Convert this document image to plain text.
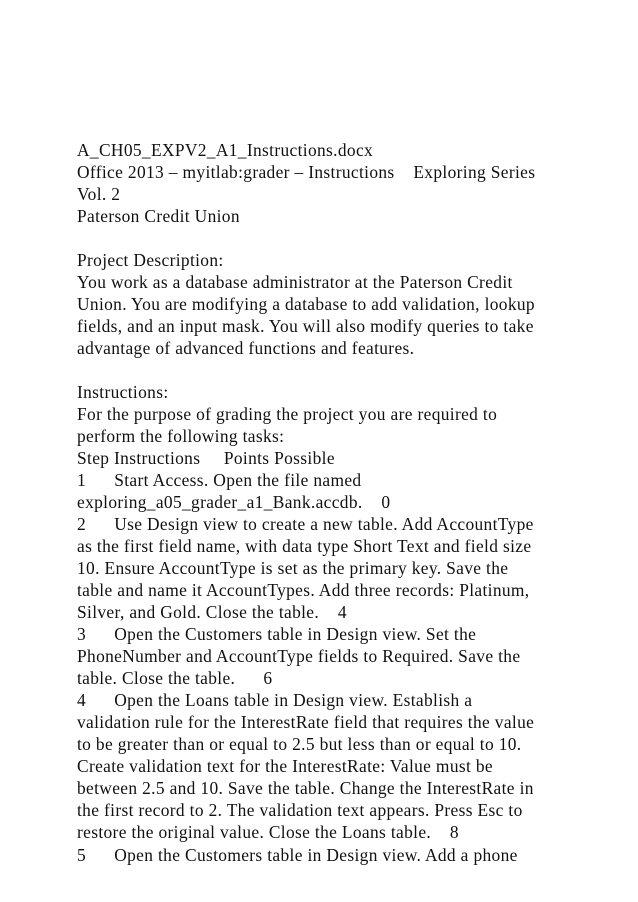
A_CH05_EXPV2_A1_Instructions.docx
Office 2013 – myitlab:grader – Instructions    Exploring Series
Vol. 2
Paterson Credit Union
Project Description:
You work as a database administrator at the Paterson Credit
Union. You are modifying a database to add validation, lookup
fields, and an input mask. You will also modify queries to take
advantage of advanced functions and features.
Instructions:
For the purpose of grading the project you are required to
perform the following tasks:
Step Instructions     Points Possible
1      Start Access. Open the file named
exploring_a05_grader_a1_Bank.accdb.    0
2      Use Design view to create a new table. Add AccountType
as the first field name, with data type Short Text and field size
10. Ensure AccountType is set as the primary key. Save the
table and name it AccountTypes. Add three records: Platinum,
Silver, and Gold. Close the table.    4
3      Open the Customers table in Design view. Set the
PhoneNumber and AccountType fields to Required. Save the
table. Close the table.      6
4      Open the Loans table in Design view. Establish a
validation rule for the InterestRate field that requires the value
to be greater than or equal to 2.5 but less than or equal to 10.
Create validation text for the InterestRate: Value must be
between 2.5 and 10. Save the table. Change the InterestRate in
the first record to 2. The validation text appears. Press Esc to
restore the original value. Close the Loans table.    8
5      Open the Customers table in Design view. Add a phone
